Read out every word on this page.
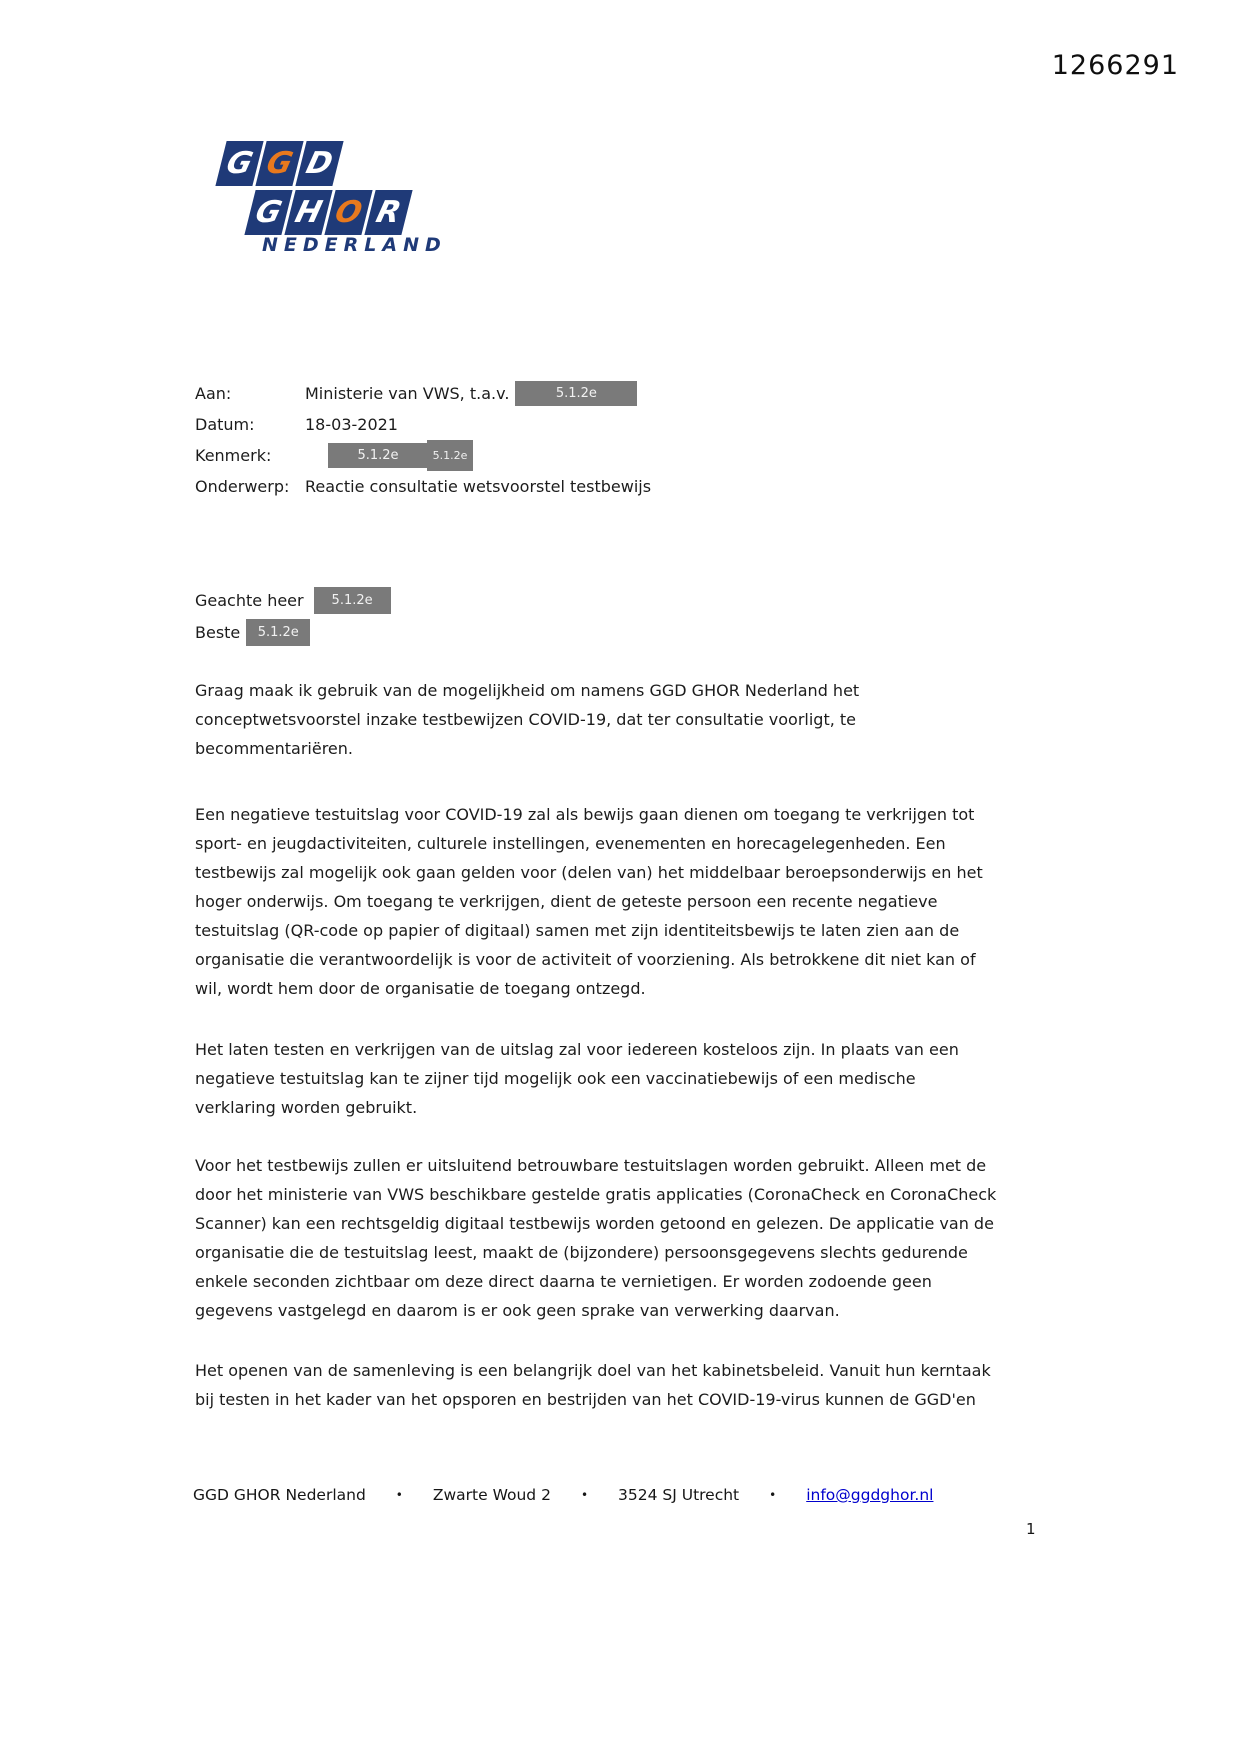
1266291
G G D
G H O R
NEDERLAND
Aan:	Ministerie van VWS, t.a.v.	5.1.2e
Datum:	18-03-2021
Kenmerk:	5.1.2e	5.1.2e
Onderwerp: Reactie consultatie wetsvoorstel testbewijs
Geachte heer	5.1.2e
Beste	5.1.2e
Graag maak ik gebruik van de mogelijkheid om namens GGD GHOR Nederland het
conceptwetsvoorstel inzake testbewijzen COVID-19, dat ter consultatie voorligt, te
becommentariëren.
Een negatieve testuitslag voor COVID-19 zal als bewijs gaan dienen om toegang te verkrijgen tot
sport- en jeugdactiviteiten, culturele instellingen, evenementen en horecagelegenheden. Een
testbewijs zal mogelijk ook gaan gelden voor (delen van) het middelbaar beroepsonderwijs en het
hoger onderwijs. Om toegang te verkrijgen, dient de geteste persoon een recente negatieve
testuitslag (QR-code op papier of digitaal) samen met zijn identiteitsbewijs te laten zien aan de
organisatie die verantwoordelijk is voor de activiteit of voorziening. Als betrokkene dit niet kan of
wil, wordt hem door de organisatie de toegang ontzegd.
Het laten testen en verkrijgen van de uitslag zal voor iedereen kosteloos zijn. In plaats van een
negatieve testuitslag kan te zijner tijd mogelijk ook een vaccinatiebewijs of een medische
verklaring worden gebruikt.
Voor het testbewijs zullen er uitsluitend betrouwbare testuitslagen worden gebruikt. Alleen met de
door het ministerie van VWS beschikbare gestelde gratis applicaties (CoronaCheck en CoronaCheck
Scanner) kan een rechtsgeldig digitaal testbewijs worden getoond en gelezen. De applicatie van de
organisatie die de testuitslag leest, maakt de (bijzondere) persoonsgegevens slechts gedurende
enkele seconden zichtbaar om deze direct daarna te vernietigen. Er worden zodoende geen
gegevens vastgelegd en daarom is er ook geen sprake van verwerking daarvan.
Het openen van de samenleving is een belangrijk doel van het kabinetsbeleid. Vanuit hun kerntaak
bij testen in het kader van het opsporen en bestrijden van het COVID-19-virus kunnen de GGD'en
GGD GHOR Nederland	• Zwarte Woud 2	• 3524 SJ Utrecht	• info@ggdghor.nl
1
